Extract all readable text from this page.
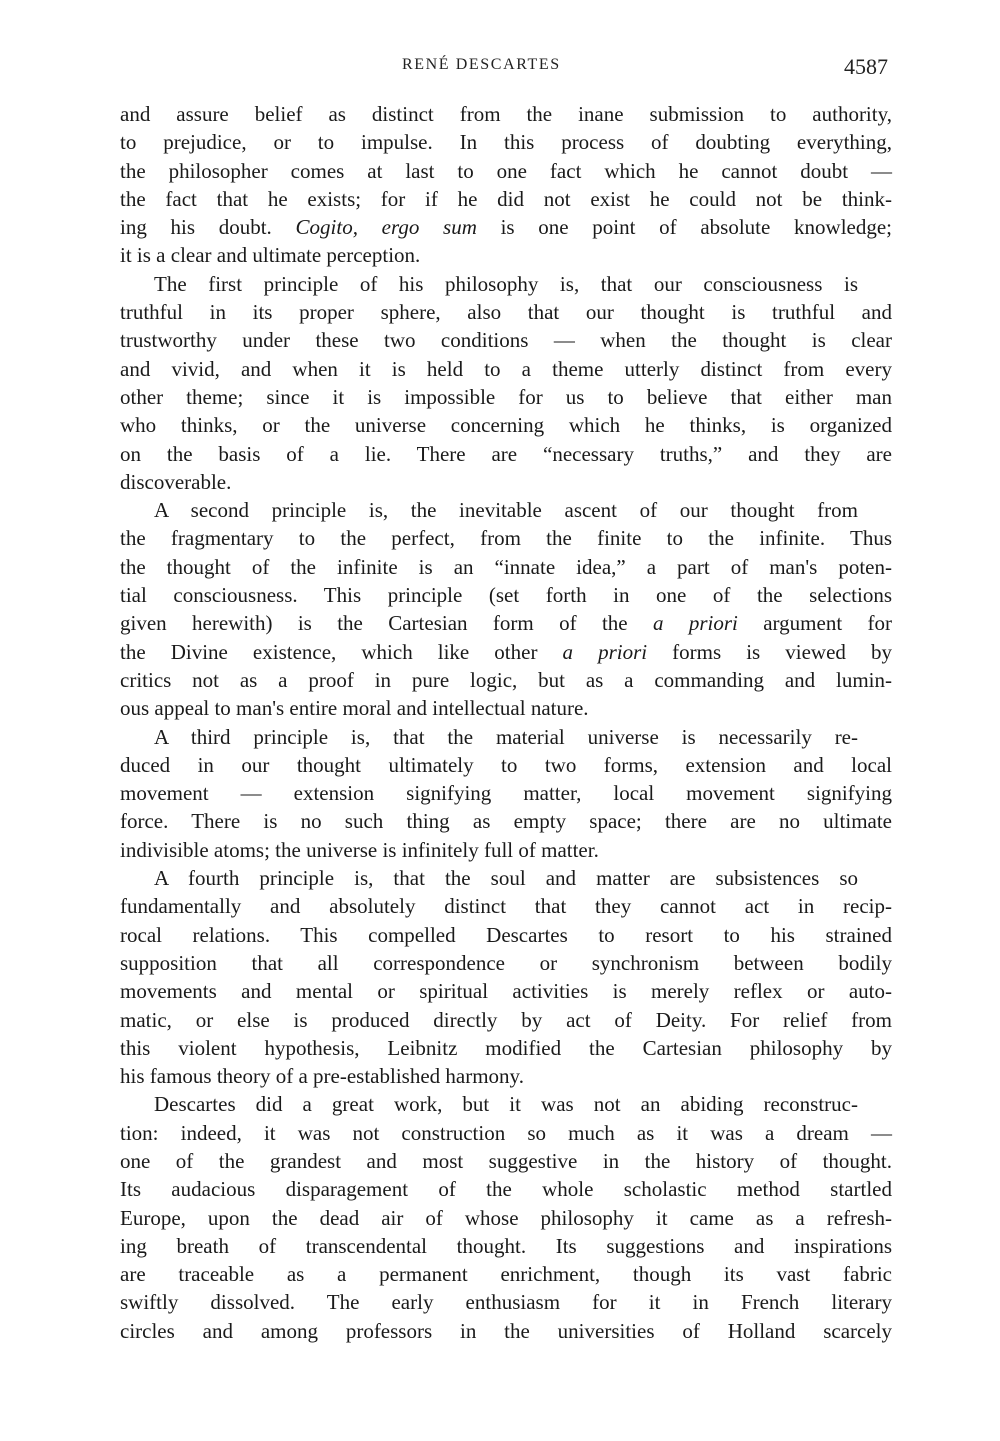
RENÉ DESCARTES	4587
and assure belief as distinct from the inane submission to authority,
to prejudice, or to impulse. In this process of doubting everything,
the philosopher comes at last to one fact which he cannot doubt —
the fact that he exists; for if he did not exist he could not be think-
ing his doubt. Cogito, ergo sum is one point of absolute knowledge;
it is a clear and ultimate perception.
The first principle of his philosophy is, that our consciousness is
truthful in its proper sphere, also that our thought is truthful and
trustworthy under these two conditions — when the thought is clear
and vivid, and when it is held to a theme utterly distinct from every
other theme; since it is impossible for us to believe that either man
who thinks, or the universe concerning which he thinks, is organized
on the basis of a lie. There are “necessary truths,” and they are
discoverable.
A second principle is, the inevitable ascent of our thought from
the fragmentary to the perfect, from the finite to the infinite. Thus
the thought of the infinite is an “innate idea,” a part of man's poten-
tial consciousness. This principle (set forth in one of the selections
given herewith) is the Cartesian form of the a priori argument for
the Divine existence, which like other a priori forms is viewed by
critics not as a proof in pure logic, but as a commanding and lumin-
ous appeal to man's entire moral and intellectual nature.
A third principle is, that the material universe is necessarily re-
duced in our thought ultimately to two forms, extension and local
movement — extension signifying matter, local movement signifying
force. There is no such thing as empty space; there are no ultimate
indivisible atoms; the universe is infinitely full of matter.
A fourth principle is, that the soul and matter are subsistences so
fundamentally and absolutely distinct that they cannot act in recip-
rocal relations. This compelled Descartes to resort to his strained
supposition that all correspondence or synchronism between bodily
movements and mental or spiritual activities is merely reflex or auto-
matic, or else is produced directly by act of Deity. For relief from
this violent hypothesis, Leibnitz modified the Cartesian philosophy by
his famous theory of a pre-established harmony.
Descartes did a great work, but it was not an abiding reconstruc-
tion: indeed, it was not construction so much as it was a dream —
one of the grandest and most suggestive in the history of thought.
Its audacious disparagement of the whole scholastic method startled
Europe, upon the dead air of whose philosophy it came as a refresh-
ing breath of transcendental thought. Its suggestions and inspirations
are traceable as a permanent enrichment, though its vast fabric
swiftly dissolved. The early enthusiasm for it in French literary
circles and among professors in the universities of Holland scarcely
